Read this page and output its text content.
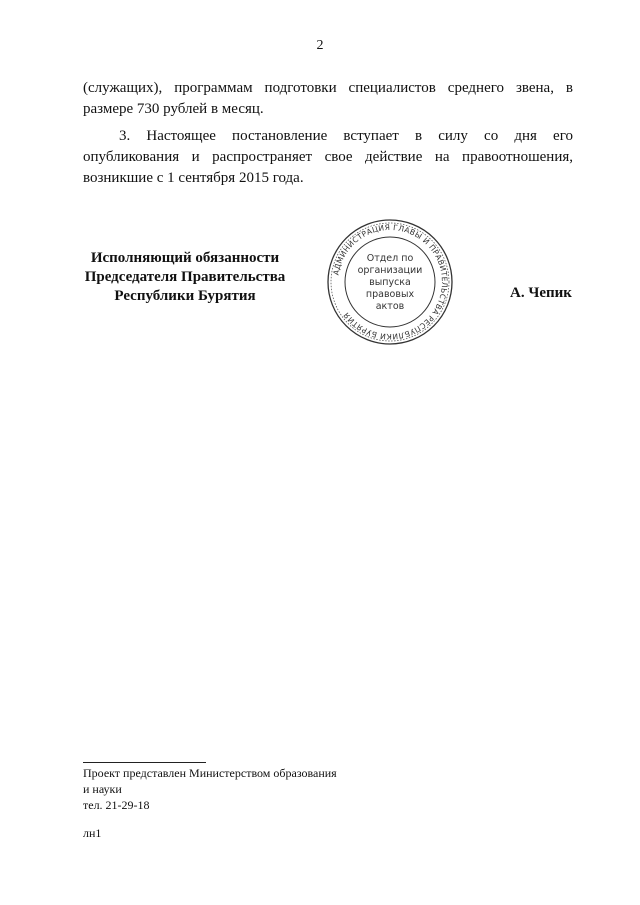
2

(служащих), программам подготовки специалистов среднего звена, в размере 730 рублей в месяц.

3. Настоящее постановление вступает в силу со дня его опубликования и распространяет свое действие на правоотношения, возникшие с 1 сентября 2015 года.

Исполняющий обязанности
Председателя Правительства
Республики Бурятия
АДМИНИСТРАЦИЯ ГЛАВЫ И ПРАВИТЕЛЬСТВА РЕСПУБЛИКИ БУРЯТИЯ
Отдел по
организации
выпуска
правовых
актов
А. Чепик
Проект представлен Министерством образования
и науки
тел. 21-29-18
лн1
